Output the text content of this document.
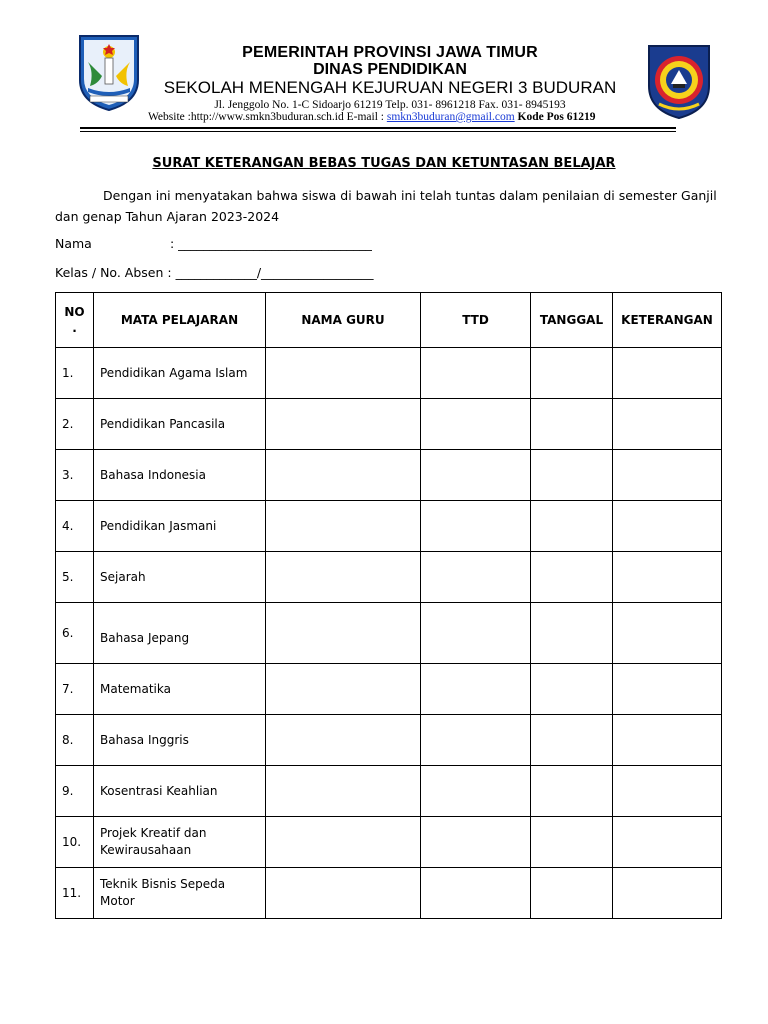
PEMERINTAH PROVINSI JAWA TIMUR
DINAS PENDIDIKAN
SEKOLAH MENENGAH KEJURUAN NEGERI 3 BUDURAN
Jl. Jenggolo No. 1-C Sidoarjo 61219 Telp. 031- 8961218 Fax. 031- 8945193
Website :http://www.smkn3buduran.sch.id E-mail : smkn3buduran@gmail.com Kode Pos 61219
SURAT KETERANGAN BEBAS TUGAS DAN KETUNTASAN BELAJAR
Dengan ini menyatakan bahwa siswa di bawah ini telah tuntas dalam penilaian di semester Ganjil dan genap Tahun Ajaran 2023-2024
Nama	: _______________________________
Kelas / No. Absen : _____________/__________________
NO .	MATA PELAJARAN	NAMA GURU	TTD	TANGGAL	KETERANGAN
1.	Pendidikan Agama Islam				
2.	Pendidikan Pancasila				
3.	Bahasa Indonesia				
4.	Pendidikan Jasmani				
5.	Sejarah				
6.	Bahasa Jepang				
7.	Matematika				
8.	Bahasa Inggris				
9.	Kosentrasi Keahlian				
10.	Projek Kreatif dan Kewirausahaan				
11.	Teknik Bisnis Sepeda Motor				
